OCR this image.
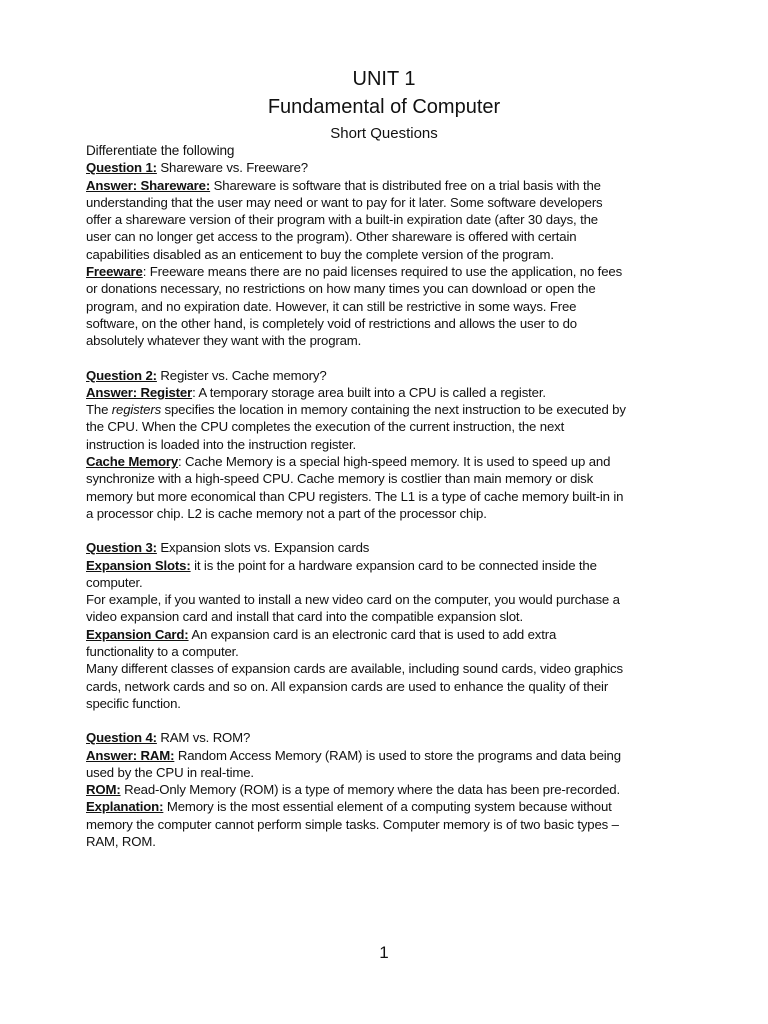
UNIT 1
Fundamental of Computer
Short Questions

Differentiate the following

Question 1: Shareware vs. Freeware?

Answer: Shareware: Shareware is software that is distributed free on a trial basis with the understanding that the user may need or want to pay for it later. Some software developers offer a shareware version of their program with a built-in expiration date (after 30 days, the user can no longer get access to the program). Other shareware is offered with certain capabilities disabled as an enticement to buy the complete version of the program.

Freeware: Freeware means there are no paid licenses required to use the application, no fees or donations necessary, no restrictions on how many times you can download or open the program, and no expiration date. However, it can still be restrictive in some ways. Free software, on the other hand, is completely void of restrictions and allows the user to do absolutely whatever they want with the program.

Question 2: Register vs. Cache memory?

Answer: Register: A temporary storage area built into a CPU is called a register.

The registers specifies the location in memory containing the next instruction to be executed by the CPU. When the CPU completes the execution of the current instruction, the next instruction is loaded into the instruction register.

Cache Memory: Cache Memory is a special high-speed memory. It is used to speed up and synchronize with a high-speed CPU. Cache memory is costlier than main memory or disk memory but more economical than CPU registers. The L1 is a type of cache memory built-in in a processor chip. L2 is cache memory not a part of the processor chip.

Question 3: Expansion slots vs. Expansion cards

Expansion Slots: it is the point for a hardware expansion card to be connected inside the computer.

For example, if you wanted to install a new video card on the computer, you would purchase a video expansion card and install that card into the compatible expansion slot.

Expansion Card: An expansion card is an electronic card that is used to add extra functionality to a computer.

Many different classes of expansion cards are available, including sound cards, video graphics cards, network cards and so on. All expansion cards are used to enhance the quality of their specific function.

Question 4: RAM vs. ROM?

Answer: RAM: Random Access Memory (RAM) is used to store the programs and data being used by the CPU in real-time.

ROM: Read-Only Memory (ROM) is a type of memory where the data has been pre-recorded.

Explanation: Memory is the most essential element of a computing system because without memory the computer cannot perform simple tasks. Computer memory is of two basic types – RAM, ROM.

1
